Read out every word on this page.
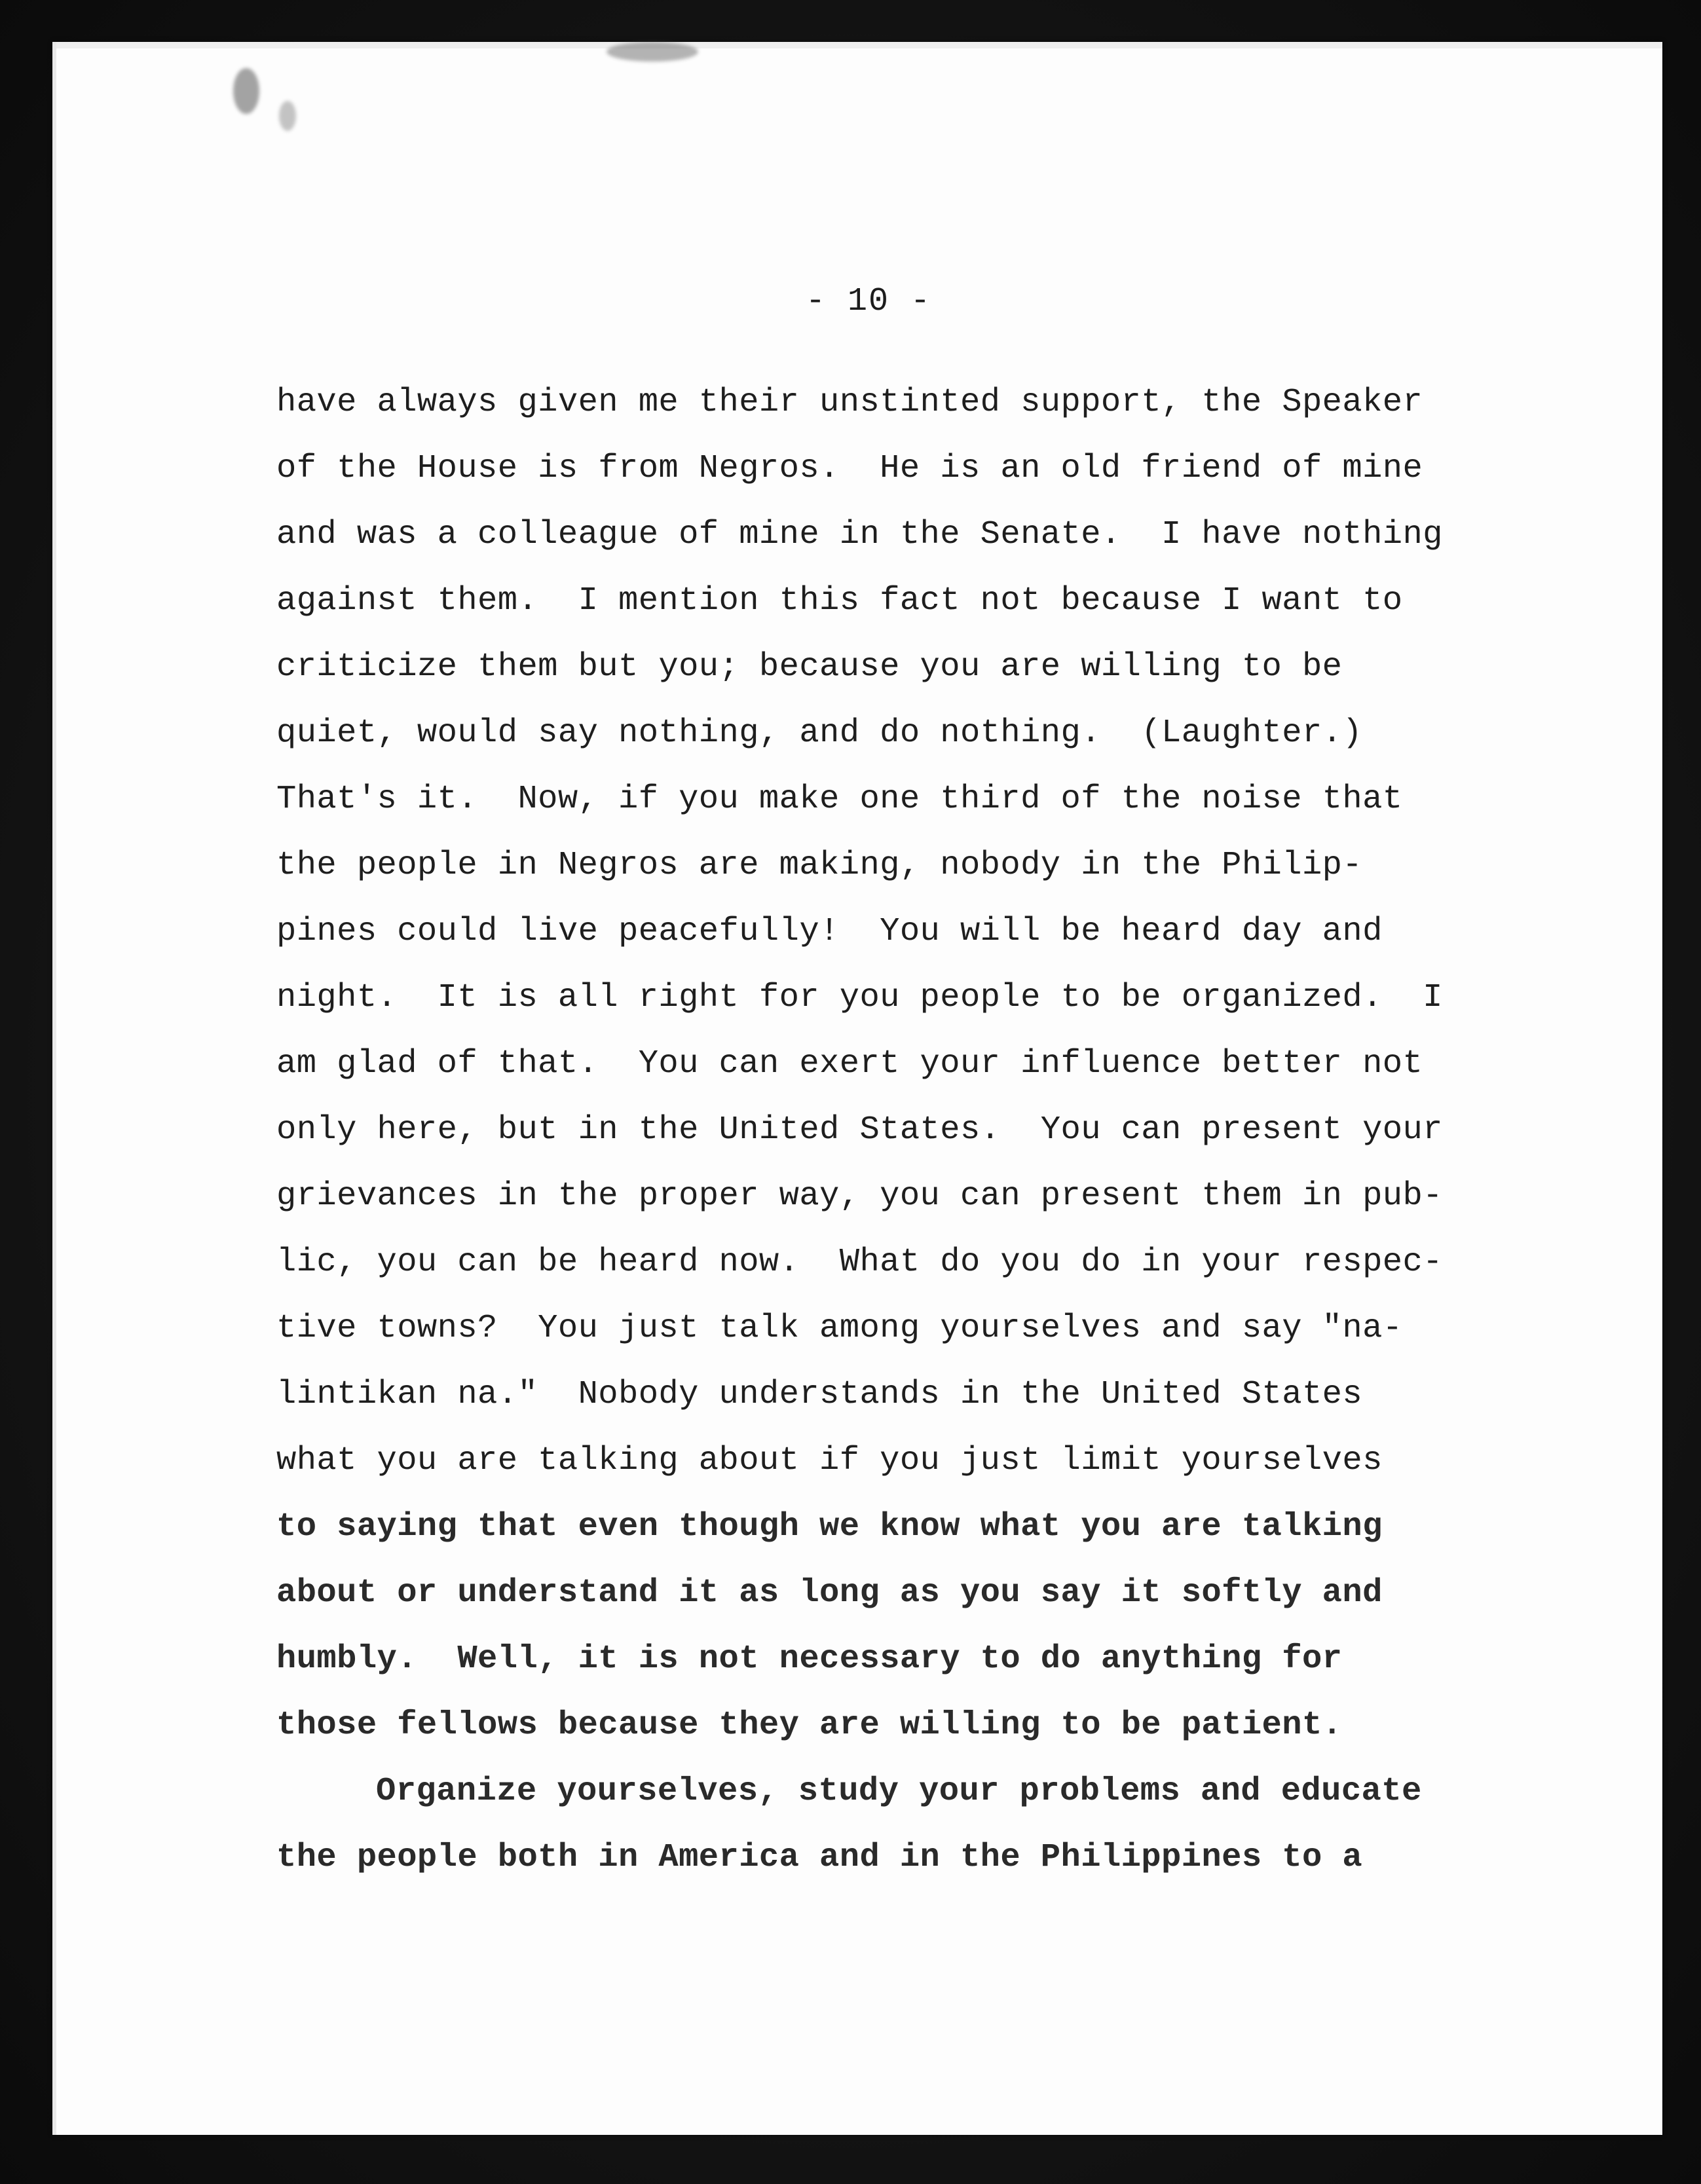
- 10 -
have always given me their unstinted support, the Speaker
of the House is from Negros.  He is an old friend of mine
and was a colleague of mine in the Senate.  I have nothing
against them.  I mention this fact not because I want to
criticize them but you; because you are willing to be
quiet, would say nothing, and do nothing.  (Laughter.)
That's it.  Now, if you make one third of the noise that
the people in Negros are making, nobody in the Philip-
pines could live peacefully!  You will be heard day and
night.  It is all right for you people to be organized.  I
am glad of that.  You can exert your influence better not
only here, but in the United States.  You can present your
grievances in the proper way, you can present them in pub-
lic, you can be heard now.  What do you do in your respec-
tive towns?  You just talk among yourselves and say "na-
lintikan na."  Nobody understands in the United States
what you are talking about if you just limit yourselves
to saying that even though we know what you are talking
about or understand it as long as you say it softly and
humbly.  Well, it is not necessary to do anything for
those fellows because they are willing to be patient.
Organize yourselves, study your problems and educate
the people both in America and in the Philippines to a
